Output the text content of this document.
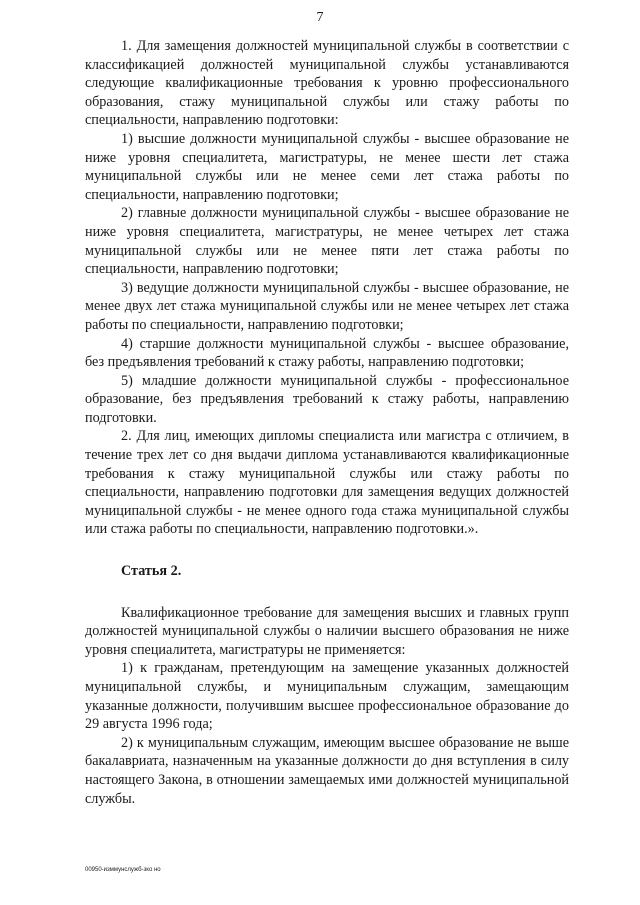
7

1. Для замещения должностей муниципальной службы в соответствии с классификацией должностей муниципальной службы устанавливаются следующие квалификационные требования к уровню профессионального образования, стажу муниципальной службы или стажу работы по специальности, направлению подготовки:

1) высшие должности муниципальной службы - высшее образование не ниже уровня специалитета, магистратуры, не менее шести лет стажа муниципальной службы или не менее семи лет стажа работы по специальности, направлению подготовки;

2) главные должности муниципальной службы - высшее образование не ниже уровня специалитета, магистратуры, не менее четырех лет стажа муниципальной службы или не менее пяти лет стажа работы по специальности, направлению подготовки;

3) ведущие должности муниципальной службы - высшее образование, не менее двух лет стажа муниципальной службы или не менее четырех лет стажа работы по специальности, направлению подготовки;

4) старшие должности муниципальной службы - высшее образование, без предъявления требований к стажу работы, направлению подготовки;

5) младшие должности муниципальной службы - профессиональное образование, без предъявления требований к стажу работы, направлению подготовки.

2. Для лиц, имеющих дипломы специалиста или магистра с отличием, в течение трех лет со дня выдачи диплома устанавливаются квалификационные требования к стажу муниципальной службы или стажу работы по специальности, направлению подготовки для замещения ведущих должностей муниципальной службы - не менее одного года стажа муниципальной службы или стажа работы по специальности, направлению подготовки.».

Статья 2.

Квалификационное требование для замещения высших и главных групп должностей муниципальной службы о наличии высшего образования не ниже уровня специалитета, магистратуры не применяется:

1) к гражданам, претендующим на замещение указанных должностей муниципальной службы, и муниципальным служащим, замещающим указанные должности, получившим высшее профессиональное образование до 29 августа 1996 года;

2) к муниципальным служащим, имеющим высшее образование не выше бакалавриата, назначенным на указанные должности до дня вступления в силу настоящего Закона, в отношении замещаемых ими должностей муниципальной службы.

00950-изммунслужб-зко но
